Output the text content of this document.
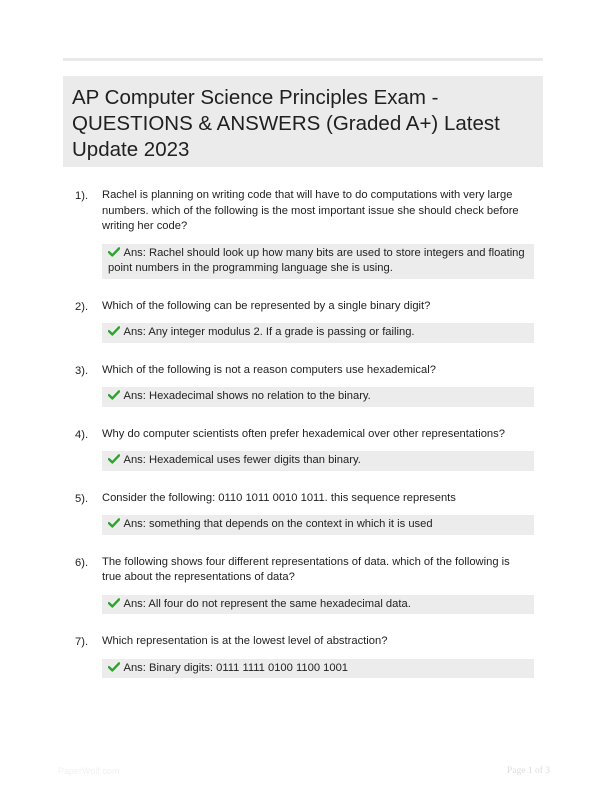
AP Computer Science Principles Exam - QUESTIONS & ANSWERS (Graded A+) Latest Update 2023
1). Rachel is planning on writing code that will have to do computations with very large numbers. which of the following is the most important issue she should check before writing her code?
Ans: Rachel should look up how many bits are used to store integers and floating point numbers in the programming language she is using.
2). Which of the following can be represented by a single binary digit?
Ans: Any integer modulus 2. If a grade is passing or failing.
3). Which of the following is not a reason computers use hexademical?
Ans: Hexadecimal shows no relation to the binary.
4). Why do computer scientists often prefer hexademical over other representations?
Ans: Hexademical uses fewer digits than binary.
5). Consider the following: 0110 1011 0010 1011. this sequence represents
Ans: something that depends on the context in which it is used
6). The following shows four different representations of data. which of the following is true about the representations of data?
Ans: All four do not represent the same hexadecimal data.
7). Which representation is at the lowest level of abstraction?
Ans: Binary digits: 0111 1111 0100 1100 1001
PaperWolf.com	Page 1 of 3
